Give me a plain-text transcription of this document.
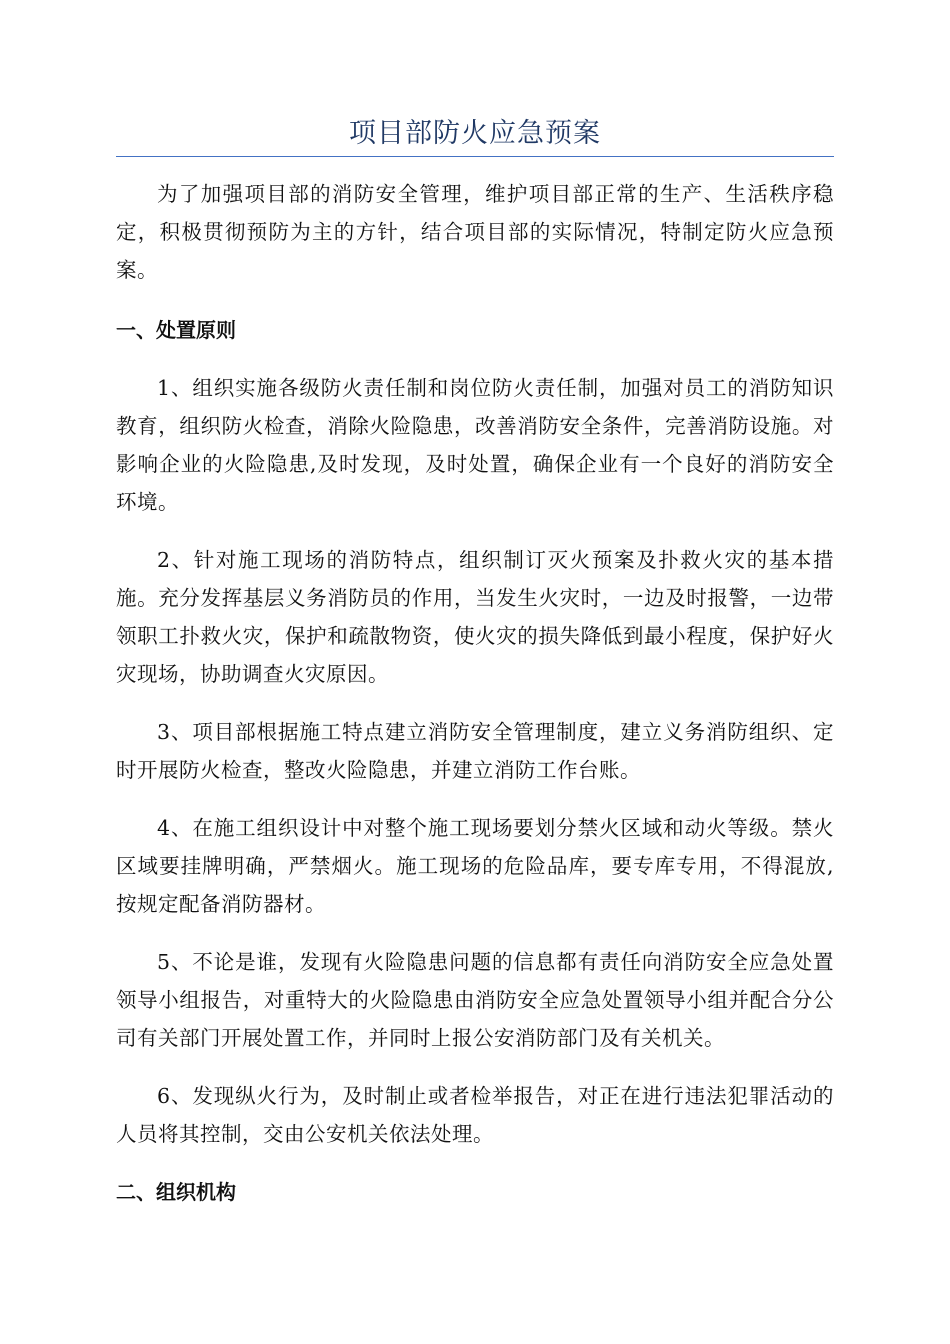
项目部防火应急预案

为了加强项目部的消防安全管理，维护项目部正常的生产、生活秩序稳定，积极贯彻预防为主的方针，结合项目部的实际情况，特制定防火应急预案。

一、处置原则

1、组织实施各级防火责任制和岗位防火责任制，加强对员工的消防知识教育，组织防火检查，消除火险隐患，改善消防安全条件，完善消防设施。对影响企业的火险隐患,及时发现，及时处置，确保企业有一个良好的消防安全环境。

2、针对施工现场的消防特点，组织制订灭火预案及扑救火灾的基本措施。充分发挥基层义务消防员的作用，当发生火灾时，一边及时报警，一边带领职工扑救火灾，保护和疏散物资，使火灾的损失降低到最小程度，保护好火灾现场，协助调查火灾原因。

3、项目部根据施工特点建立消防安全管理制度，建立义务消防组织、定时开展防火检查，整改火险隐患，并建立消防工作台账。

4、在施工组织设计中对整个施工现场要划分禁火区域和动火等级。禁火区域要挂牌明确，严禁烟火。施工现场的危险品库，要专库专用，不得混放,按规定配备消防器材。

5、不论是谁，发现有火险隐患问题的信息都有责任向消防安全应急处置领导小组报告，对重特大的火险隐患由消防安全应急处置领导小组并配合分公司有关部门开展处置工作，并同时上报公安消防部门及有关机关。

6、发现纵火行为，及时制止或者检举报告，对正在进行违法犯罪活动的人员将其控制，交由公安机关依法处理。

二、组织机构
